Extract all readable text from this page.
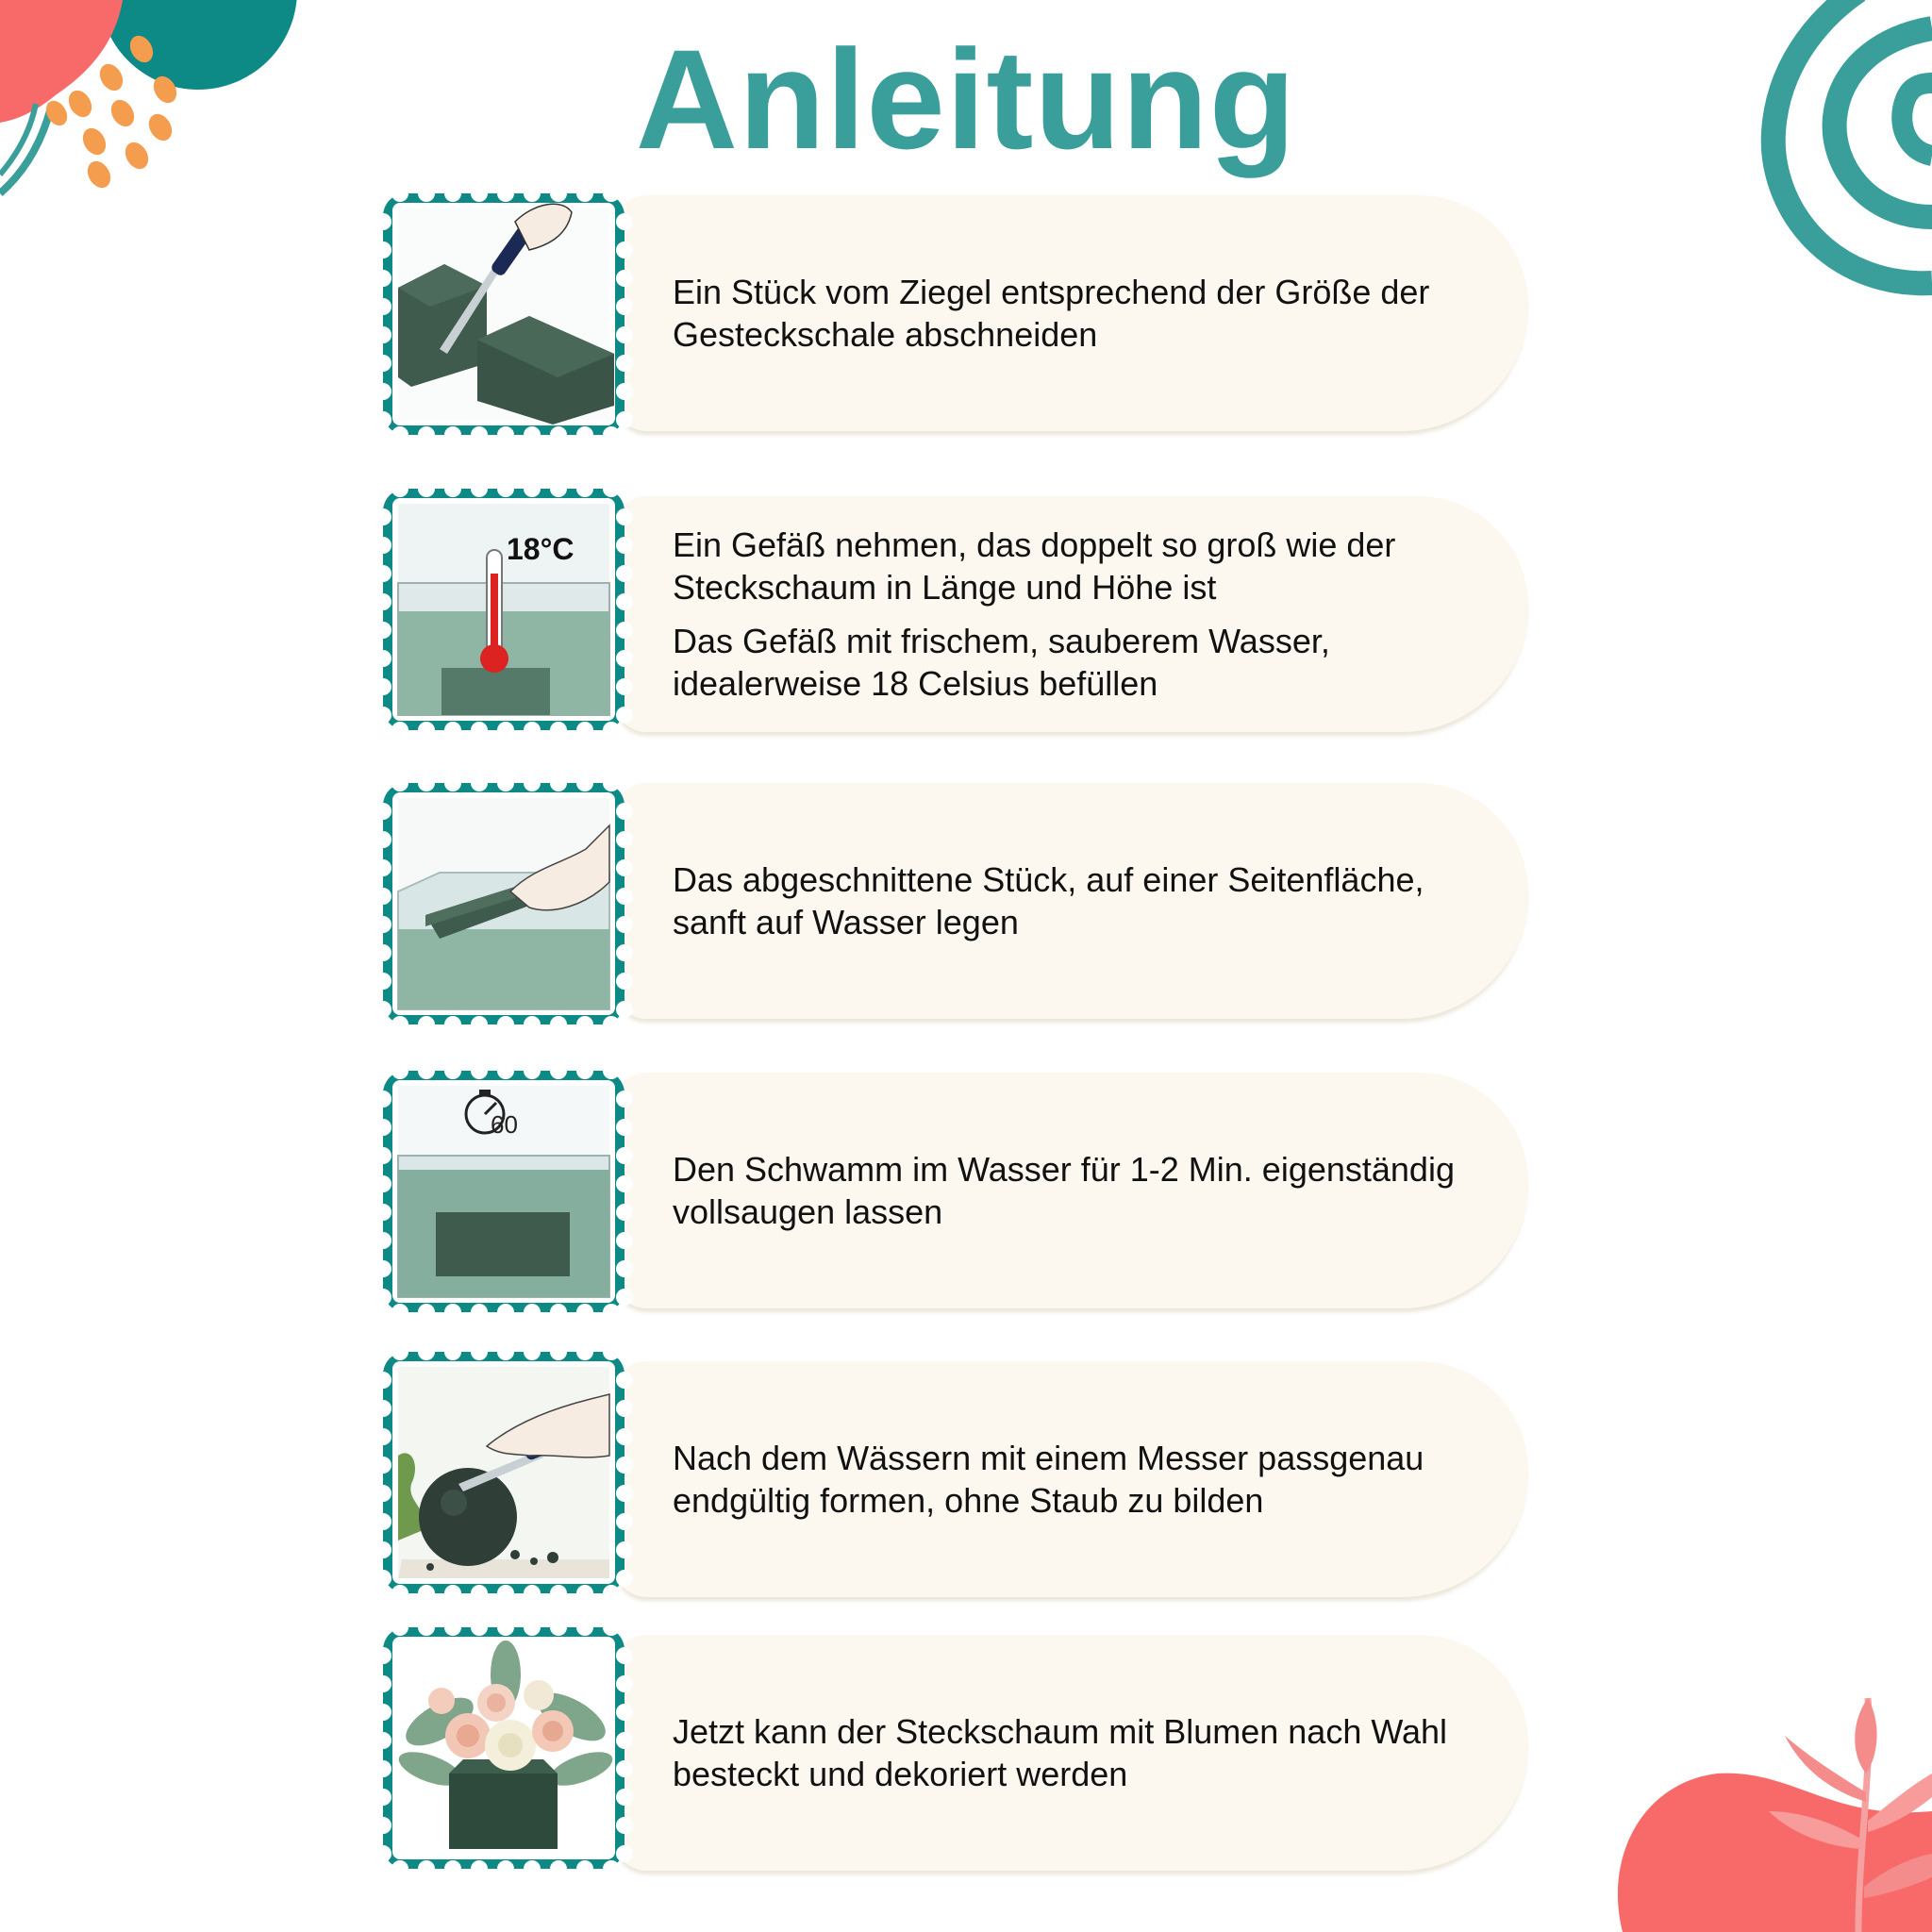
Anleitung

Ein Stück vom Ziegel entsprechend der Größe der Gesteckschale abschneiden

Ein Gefäß nehmen, das doppelt so groß wie der Steckschaum in Länge und Höhe ist

Das Gefäß mit frischem, sauberem Wasser, idealerweise 18 Celsius befüllen

18°C

Das abgeschnittene Stück, auf einer Seitenfläche, sanft auf Wasser legen

Den Schwamm im Wasser für 1-2 Min. eigenständig vollsaugen lassen

60

Nach dem Wässern mit einem Messer passgenau endgültig formen, ohne Staub zu bilden

Jetzt kann der Steckschaum mit Blumen nach Wahl besteckt und dekoriert werden
